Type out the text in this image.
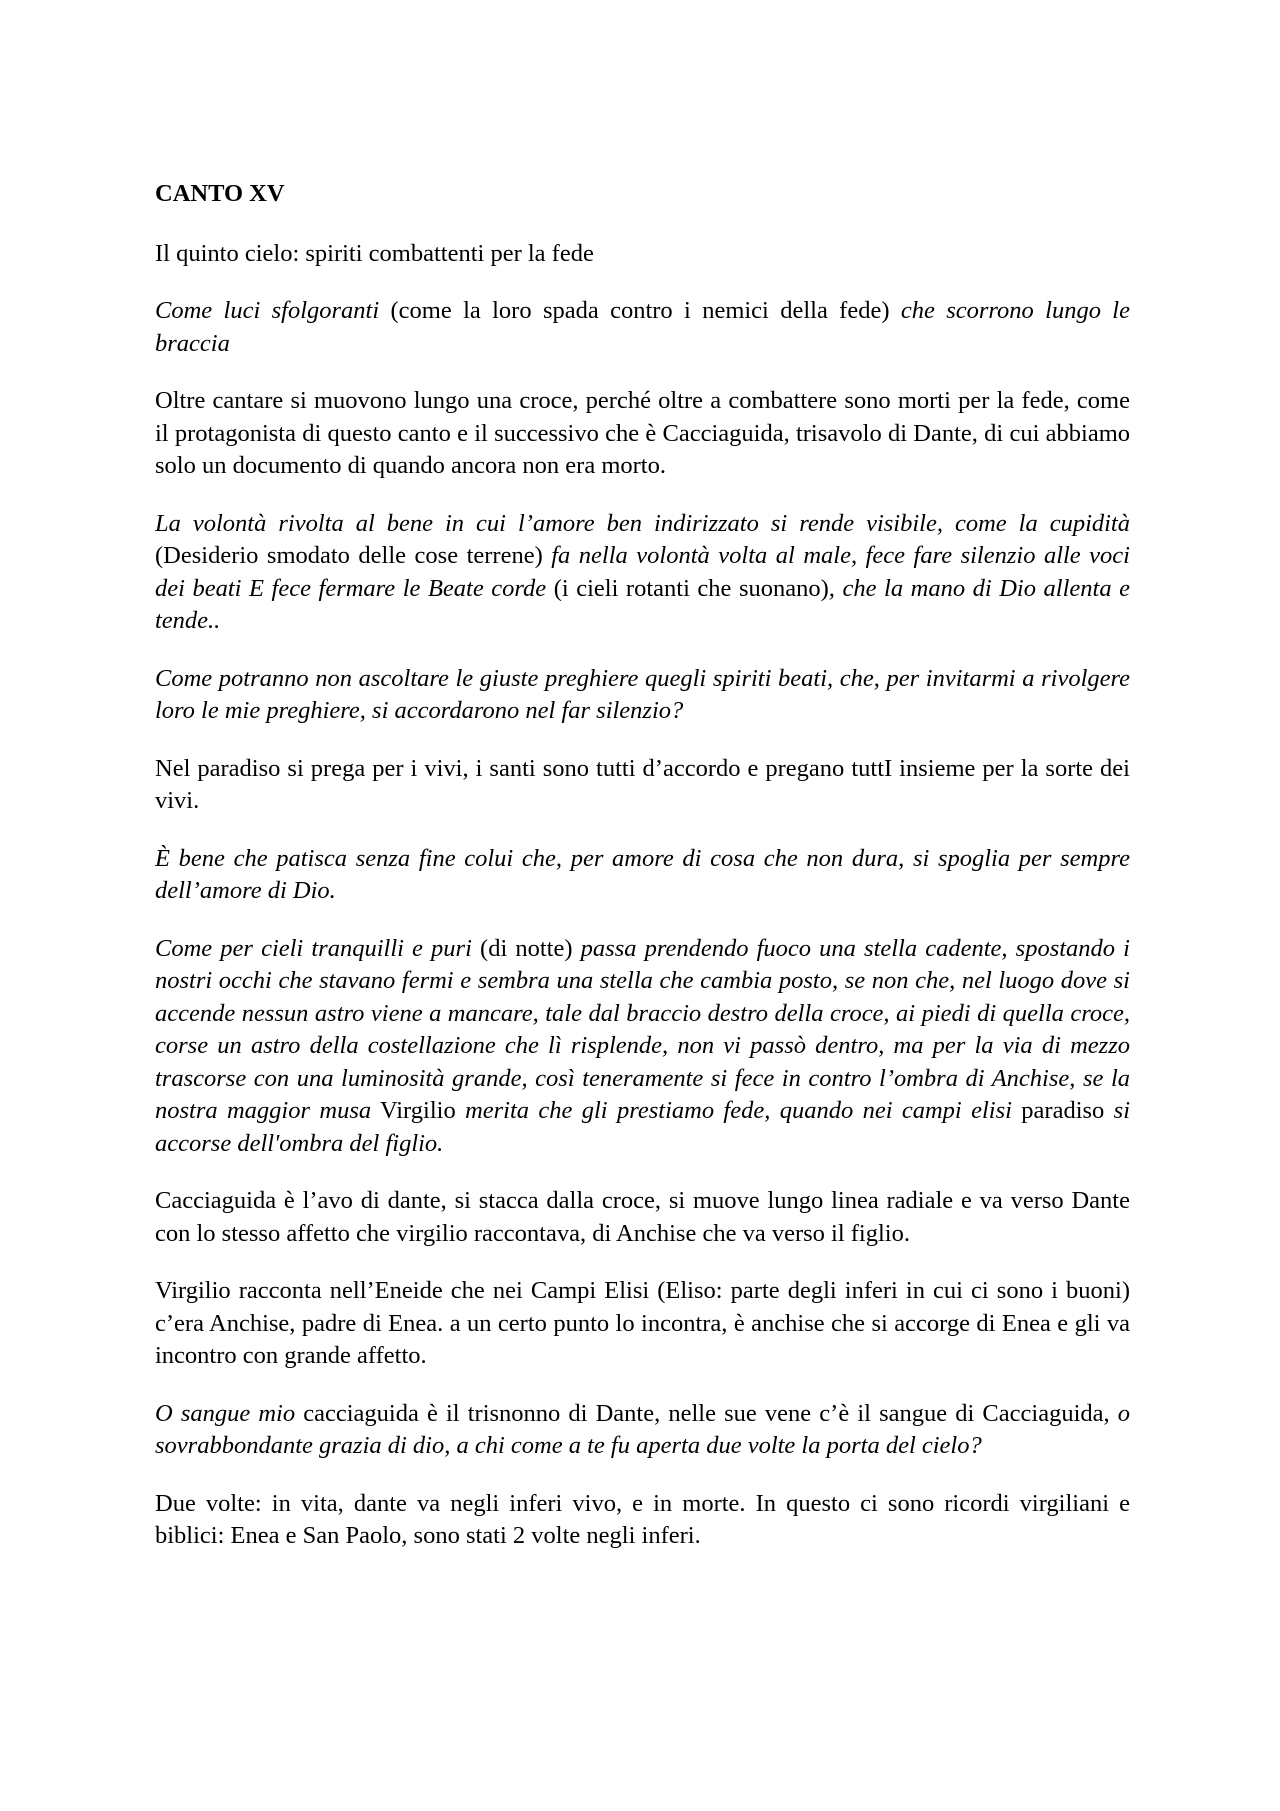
CANTO XV

Il quinto cielo: spiriti combattenti per la fede

Come luci sfolgoranti (come la loro spada contro i nemici della fede) che scorrono lungo le braccia

Oltre cantare si muovono lungo una croce, perché oltre a combattere sono morti per la fede, come il protagonista di questo canto e il successivo che è Cacciaguida, trisavolo di Dante, di cui abbiamo solo un documento di quando ancora non era morto.

La volontà rivolta al bene in cui l’amore ben indirizzato si rende visibile, come la cupidità (Desiderio smodato delle cose terrene) fa nella volontà volta al male, fece fare silenzio alle voci dei beati E fece fermare le Beate corde (i cieli rotanti che suonano), che la mano di Dio allenta e tende..

Come potranno non ascoltare le giuste preghiere quegli spiriti beati, che, per invitarmi a rivolgere loro le mie preghiere, si accordarono nel far silenzio?

Nel paradiso si prega per i vivi, i santi sono tutti d’accordo e pregano tuttI insieme per la sorte dei vivi.

È bene che patisca senza fine colui che, per amore di cosa che non dura, si spoglia per sempre dell’amore di Dio.

Come per cieli tranquilli e puri (di notte) passa prendendo fuoco una stella cadente, spostando i nostri occhi che stavano fermi e sembra una stella che cambia posto, se non che, nel luogo dove si accende nessun astro viene a mancare, tale dal braccio destro della croce, ai piedi di quella croce, corse un astro della costellazione che lì risplende, non vi passò dentro, ma per la via di mezzo trascorse con una luminosità grande, così teneramente si fece in contro l’ombra di Anchise, se la nostra maggior musa Virgilio merita che gli prestiamo fede, quando nei campi elisi paradiso si accorse dell'ombra del figlio.

Cacciaguida è l’avo di dante, si stacca dalla croce, si muove lungo linea radiale e va verso Dante con lo stesso affetto che virgilio raccontava, di Anchise che va verso il figlio.

Virgilio racconta nell’Eneide che nei Campi Elisi (Eliso: parte degli inferi in cui ci sono i buoni) c’era Anchise, padre di Enea. a un certo punto lo incontra, è anchise che si accorge di Enea e gli va incontro con grande affetto.

O sangue mio cacciaguida è il trisnonno di Dante, nelle sue vene c’è il sangue di Cacciaguida, o sovrabbondante grazia di dio, a chi come a te fu aperta due volte la porta del cielo?

Due volte: in vita, dante va negli inferi vivo, e in morte. In questo ci sono ricordi virgiliani e biblici: Enea e San Paolo, sono stati 2 volte negli inferi.
